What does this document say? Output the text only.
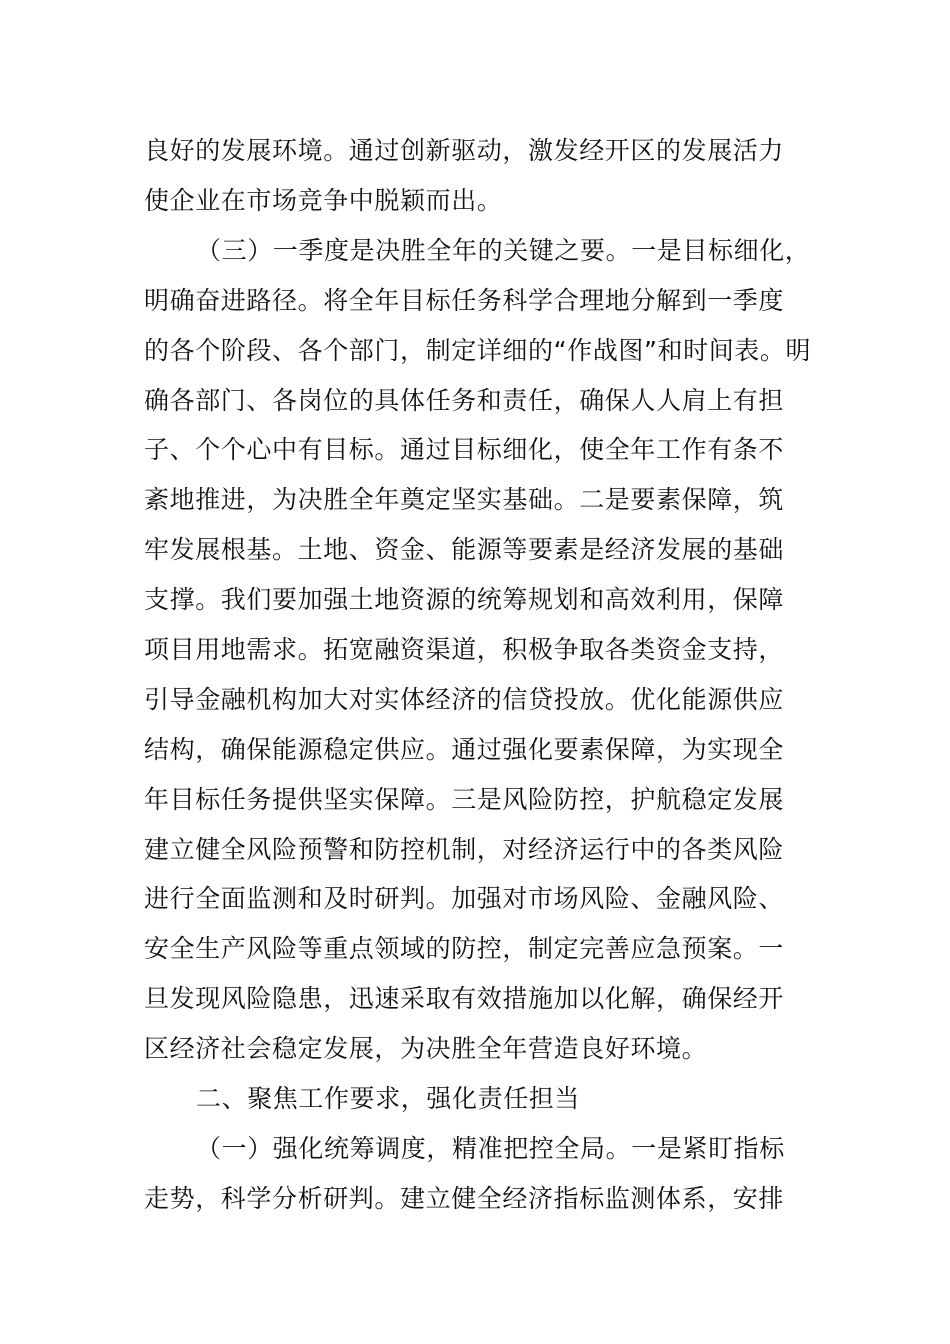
良好的发展环境。通过创新驱动，激发经开区的发展活力
使企业在市场竞争中脱颖而出。
（三）一季度是决胜全年的关键之要。一是目标细化，
明确奋进路径。将全年目标任务科学合理地分解到一季度
的各个阶段、各个部门，制定详细的“作战图”和时间表。明
确各部门、各岗位的具体任务和责任，确保人人肩上有担
子、个个心中有目标。通过目标细化，使全年工作有条不
紊地推进，为决胜全年奠定坚实基础。二是要素保障，筑
牢发展根基。土地、资金、能源等要素是经济发展的基础
支撑。我们要加强土地资源的统筹规划和高效利用，保障
项目用地需求。拓宽融资渠道，积极争取各类资金支持，
引导金融机构加大对实体经济的信贷投放。优化能源供应
结构，确保能源稳定供应。通过强化要素保障，为实现全
年目标任务提供坚实保障。三是风险防控，护航稳定发展
建立健全风险预警和防控机制，对经济运行中的各类风险
进行全面监测和及时研判。加强对市场风险、金融风险、
安全生产风险等重点领域的防控，制定完善应急预案。一
旦发现风险隐患，迅速采取有效措施加以化解，确保经开
区经济社会稳定发展，为决胜全年营造良好环境。
二、聚焦工作要求，强化责任担当
（一）强化统筹调度，精准把控全局。一是紧盯指标
走势，科学分析研判。建立健全经济指标监测体系，安排
